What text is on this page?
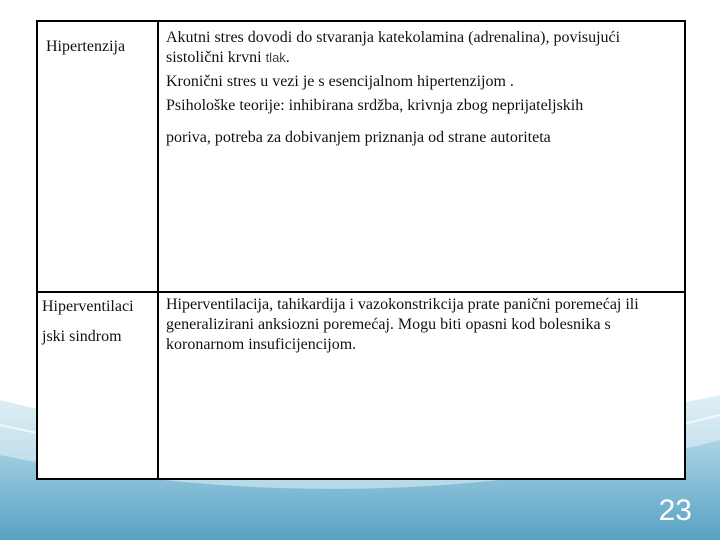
Hipertenzija
Akutni stres dovodi do stvaranja katekolamina (adrenalina), povisujući
sistolični krvni tlak.
Kronični stres u vezi je s esencijalnom hipertenzijom .
Psihološke teorije: inhibirana srdžba, krivnja zbog neprijateljskih
poriva, potreba za dobivanjem priznanja od strane autoriteta
Hiperventilaci
jski sindrom
Hiperventilacija, tahikardija i vazokonstrikcija prate panični poremećaj ili generalizirani anksiozni poremećaj. Mogu biti opasni kod bolesnika s koronarnom insuficijencijom.
23
